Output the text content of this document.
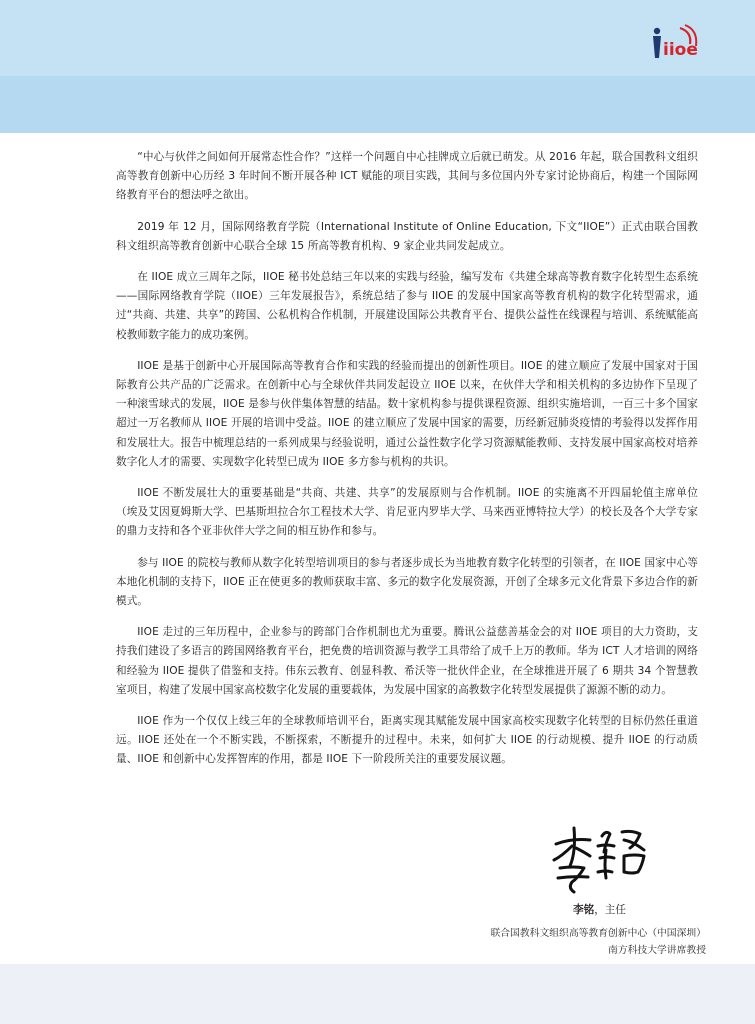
iioe

“中心与伙伴之间如何开展常态性合作？”这样一个问题自中心挂牌成立后就已萌发。从 2016 年起，联合国教科文组织高等教育创新中心历经 3 年时间不断开展各种 ICT 赋能的项目实践，其间与多位国内外专家讨论协商后，构建一个国际网络教育平台的想法呼之欲出。

2019 年 12 月，国际网络教育学院（International Institute of Online Education, 下文“IIOE”）正式由联合国教科文组织高等教育创新中心联合全球 15 所高等教育机构、9 家企业共同发起成立。

在 IIOE 成立三周年之际，IIOE 秘书处总结三年以来的实践与经验，编写发布《共建全球高等教育数字化转型生态系统——国际网络教育学院（IIOE）三年发展报告》，系统总结了参与 IIOE 的发展中国家高等教育机构的数字化转型需求，通过“共商、共建、共享”的跨国、公私机构合作机制，开展建设国际公共教育平台、提供公益性在线课程与培训、系统赋能高校教师数字能力的成功案例。

IIOE 是基于创新中心开展国际高等教育合作和实践的经验而提出的创新性项目。IIOE 的建立顺应了发展中国家对于国际教育公共产品的广泛需求。在创新中心与全球伙伴共同发起设立 IIOE 以来，在伙伴大学和相关机构的多边协作下呈现了一种滚雪球式的发展，IIOE 是参与伙伴集体智慧的结晶。数十家机构参与提供课程资源、组织实施培训，一百三十多个国家超过一万名教师从 IIOE 开展的培训中受益。IIOE 的建立顺应了发展中国家的需要，历经新冠肺炎疫情的考验得以发挥作用和发展壮大。报告中梳理总结的一系列成果与经验说明，通过公益性数字化学习资源赋能教师、支持发展中国家高校对培养数字化人才的需要、实现数字化转型已成为 IIOE 多方参与机构的共识。

IIOE 不断发展壮大的重要基础是“共商、共建、共享”的发展原则与合作机制。IIOE 的实施离不开四届轮值主席单位（埃及艾因夏姆斯大学、巴基斯坦拉合尔工程技术大学、肯尼亚内罗毕大学、马来西亚博特拉大学）的校长及各个大学专家的鼎力支持和各个亚非伙伴大学之间的相互协作和参与。

参与 IIOE 的院校与教师从数字化转型培训项目的参与者逐步成长为当地教育数字化转型的引领者，在 IIOE 国家中心等本地化机制的支持下，IIOE 正在使更多的教师获取丰富、多元的数字化发展资源，开创了全球多元文化背景下多边合作的新模式。

IIOE 走过的三年历程中，企业参与的跨部门合作机制也尤为重要。腾讯公益慈善基金会的对 IIOE 项目的大力资助，支持我们建设了多语言的跨国网络教育平台，把免费的培训资源与教学工具带给了成千上万的教师。华为 ICT 人才培训的网络和经验为 IIOE 提供了借鉴和支持。伟东云教育、创显科教、希沃等一批伙伴企业，在全球推进开展了 6 期共 34 个智慧教室项目，构建了发展中国家高校数字化发展的重要载体，为发展中国家的高教数字化转型发展提供了源源不断的动力。

IIOE 作为一个仅仅上线三年的全球教师培训平台，距离实现其赋能发展中国家高校实现数字化转型的目标仍然任重道远。IIOE 还处在一个不断实践，不断探索，不断提升的过程中。未来，如何扩大 IIOE 的行动规模、提升 IIOE 的行动质量、IIOE 和创新中心发挥智库的作用，都是 IIOE 下一阶段所关注的重要发展议题。

李铭，主任
联合国教科文组织高等教育创新中心（中国深圳）
南方科技大学讲席教授
